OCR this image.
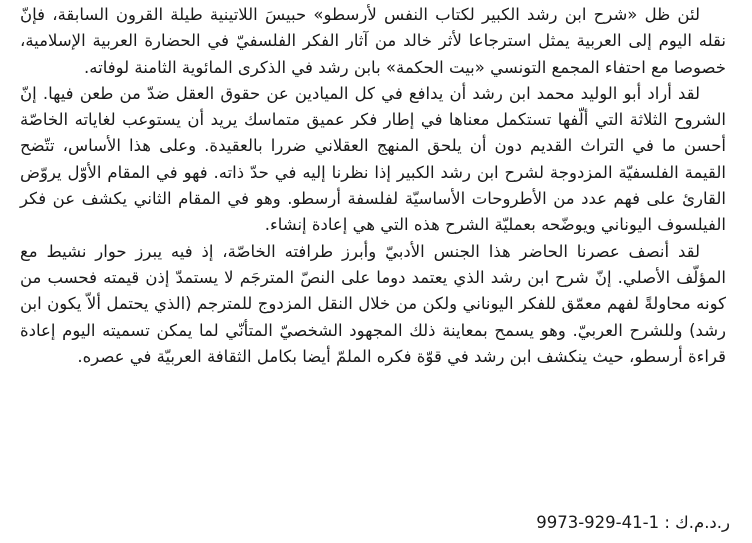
لئن ظل «شرح ابن رشد الكبير لكتاب النفس لأرسطو» حبيسَ اللاتينية طيلة القرون السابقة، فإنّ نقله اليوم إلى العربية يمثل استرجاعا لأثر خالد من آثار الفكر الفلسفيّ في الحضارة العربية الإسلامية، خصوصا مع احتفاء المجمع التونسي «بيت الحكمة» بابن رشد في الذكرى المائوية الثامنة لوفاته.

لقد أراد أبو الوليد محمد ابن رشد أن يدافع في كل الميادين عن حقوق العقل ضدّ من طعن فيها. إنّ الشروح الثلاثة التي ألّفها تستكمل معناها في إطار فكر عميق متماسك يريد أن يستوعب لغاياته الخاصّة أحسن ما في التراث القديم دون أن يلحق المنهج العقلاني ضررا بالعقيدة. وعلى هذا الأساس، تتّضح القيمة الفلسفيّة المزدوجة لشرح ابن رشد الكبير إذا نظرنا إليه في حدّ ذاته. فهو في المقام الأوّل يروّض القارئ على فهم عدد من الأطروحات الأساسيّة لفلسفة أرسطو. وهو في المقام الثاني يكشف عن فكر الفيلسوف اليوناني ويوضّحه بعمليّة الشرح هذه التي هي إعادة إنشاء.

لقد أنصف عصرنا الحاضر هذا الجنس الأدبيّ وأبرز طرافته الخاصّة، إذ فيه يبرز حوار نشيط مع المؤلّف الأصلي. إنّ شرح ابن رشد الذي يعتمد دوما على النصّ المترجَم لا يستمدّ إذن قيمته فحسب من كونه محاولةً لفهم معمّق للفكر اليوناني ولكن من خلال النقل المزدوج للمترجم (الذي يحتمل ألاّ يكون ابن رشد) وللشرح العربيّ. وهو يسمح بمعاينة ذلك المجهود الشخصيّ المتأنّي لما يمكن تسميته اليوم إعادة قراءة أرسطو، حيث ينكشف ابن رشد في قوّة فكره الملمّ أيضا بكامل الثقافة العربيّة في عصره.

9973-929-41-1 ر.د.م.ك :
